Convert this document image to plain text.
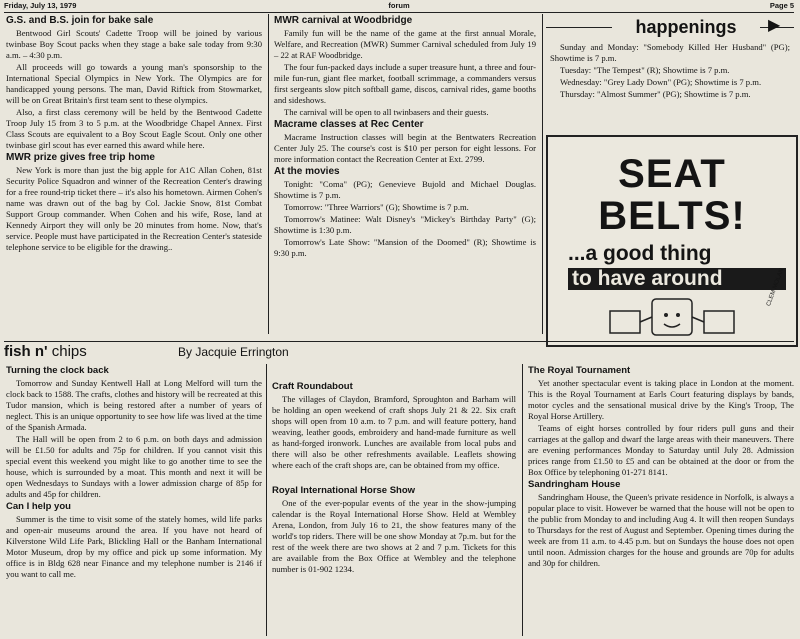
Friday, July 13, 1979	forum	Page 5
G.S. and B.S. join for bake sale

Bentwood Girl Scouts' Cadette Troop will be joined by various twinbase Boy Scout packs when they stage a bake sale today from 9:30 a.m. – 4:30 p.m.

All proceeds will go towards a young man's sponsorship to the International Special Olympics in New York. The Olympics are for handicapped young persons. The man, David Riftick from Stowmarket, will be on Great Britain's first team sent to these olympics.

Also, a first class ceremony will be held by the Bentwood Cadette Troop July 15 from 3 to 5 p.m. at the Woodbridge Chapel Annex. First Class Scouts are equivalent to a Boy Scout Eagle Scout. Only one other twinbase girl scout has ever earned this award while here.

MWR prize gives free trip home

New York is more than just the big apple for A1C Allan Cohen, 81st Security Police Squadron and winner of the Recreation Center's drawing for a free round-trip ticket there – it's also his hometown. Airmen Cohen's name was drawn out of the bag by Col. Jackie Snow, 81st Combat Support Group commander. When Cohen and his wife, Rose, land at Kennedy Airport they will only be 20 minutes from home. Now, that's service. People must have participated in the Recreation Center's stateside telephone service to be eligible for the drawing..

MWR carnival at Woodbridge

Family fun will be the name of the game at the first annual Morale, Welfare, and Recreation (MWR) Summer Carnival scheduled from July 19 – 22 at RAF Woodbridge.

The four fun-packed days include a super treasure hunt, a three and four-mile fun-run, giant flee market, football scrimmage, a commanders versus first sergeants slow pitch softball game, discos, carnival rides, game booths and sideshows.

The carnival will be open to all twinbasers and their guests.

Macrame classes at Rec Center

Macrame Instruction classes will begin at the Bentwaters Recreation Center July 25. The course's cost is $10 per person for eight lessons. For more information contact the Recreation Center at Ext. 2799.

At the movies

Tonight: "Coma" (PG); Genevieve Bujold and Michael Douglas. Showtime is 7 p.m.

Tomorrow: "Three Warriors" (G); Showtime is 7 p.m.

Tomorrow's Matinee: Walt Disney's "Mickey's Birthday Party" (G); Showtime is 1:30 p.m.

Tomorrow's Late Show: "Mansion of the Doomed" (R); Showtime is 9:30 p.m.

happenings	▶

Sunday and Monday: "Somebody Killed Her Husband" (PG); Showtime is 7 p.m.

Tuesday: "The Tempest" (R); Showtime is 7 p.m.

Wednesday: "Grey Lady Down" (PG); Showtime is 7 p.m.

Thursday: "Almost Summer" (PG); Showtime is 7 p.m.

SEAT
BELTS!
...a good thing
to have around	CLEM MOLAN
fish n' chips	By Jacquie Errington
Turning the clock back

Tomorrow and Sunday Kentwell Hall at Long Melford will turn the clock back to 1588. The crafts, clothes and history will be recreated at this Tudor mansion, which is being restored after a number of years of neglect. This is an unique opportunity to see how life was lived at the time of the Spanish Armada.

The Hall will be open from 2 to 6 p.m. on both days and admission will be £1.50 for adults and 75p for children. If you cannot visit this special event this weekend you might like to go another time to see the house, which is surrounded by a moat. This month and next it will be open Wednesdays to Sundays with a lower admission charge of 85p for adults and 45p for children.

Can I help you

Summer is the time to visit some of the stately homes, wild life parks and open-air museums around the area. If you have not heard of Kilverstone Wild Life Park, Blickling Hall or the Banham International Motor Museum, drop by my office and pick up some information. My office is in Bldg 628 near Finance and my telephone number is 2146 if you want to call me.

Craft Roundabout

The villages of Claydon, Bramford, Sproughton and Barham will be holding an open weekend of craft shops July 21 & 22. Six craft shops will open from 10 a.m. to 7 p.m. and will feature pottery, hand weaving, leather goods, embroidery and hand-made furniture as well as hand-forged ironwork. Lunches are available from local pubs and there will also be other refreshments available. Leaflets showing where each of the craft shops are, can be obtained from my office.

Royal International Horse Show

One of the ever-popular events of the year in the show-jumping calendar is the Royal International Horse Show. Held at Wembley Arena, London, from July 16 to 21, the show features many of the world's top riders. There will be one show Monday at 7p.m. but for the rest of the week there are two shows at 2 and 7 p.m. Tickets for this are available from the Box Office at Wembley and the telephone number is 01-902 1234.

The Royal Tournament

Yet another spectacular event is taking place in London at the moment. This is the Royal Tournament at Earls Court featuring displays by bands, motor cycles and the sensational musical drive by the King's Troop, The Royal Horse Artillery.

Teams of eight horses controlled by four riders pull guns and their carriages at the gallop and dwarf the large areas with their maneuvers. There are evening performances Monday to Saturday until July 28. Admission prices range from £1.50 to £5 and can be obtained at the door or from the Box Office by telephoning 01-271 8141.

Sandringham House

Sandringham House, the Queen's private residence in Norfolk, is always a popular place to visit. However be warned that the house will not be open to the public from Monday to and including Aug 4. It will then reopen Sundays to Thursdays for the rest of August and September. Opening times during the week are from 11 a.m. to 4.45 p.m. but on Sundays the house does not open until noon. Admission charges for the house and grounds are 70p for adults and 30p for children.
